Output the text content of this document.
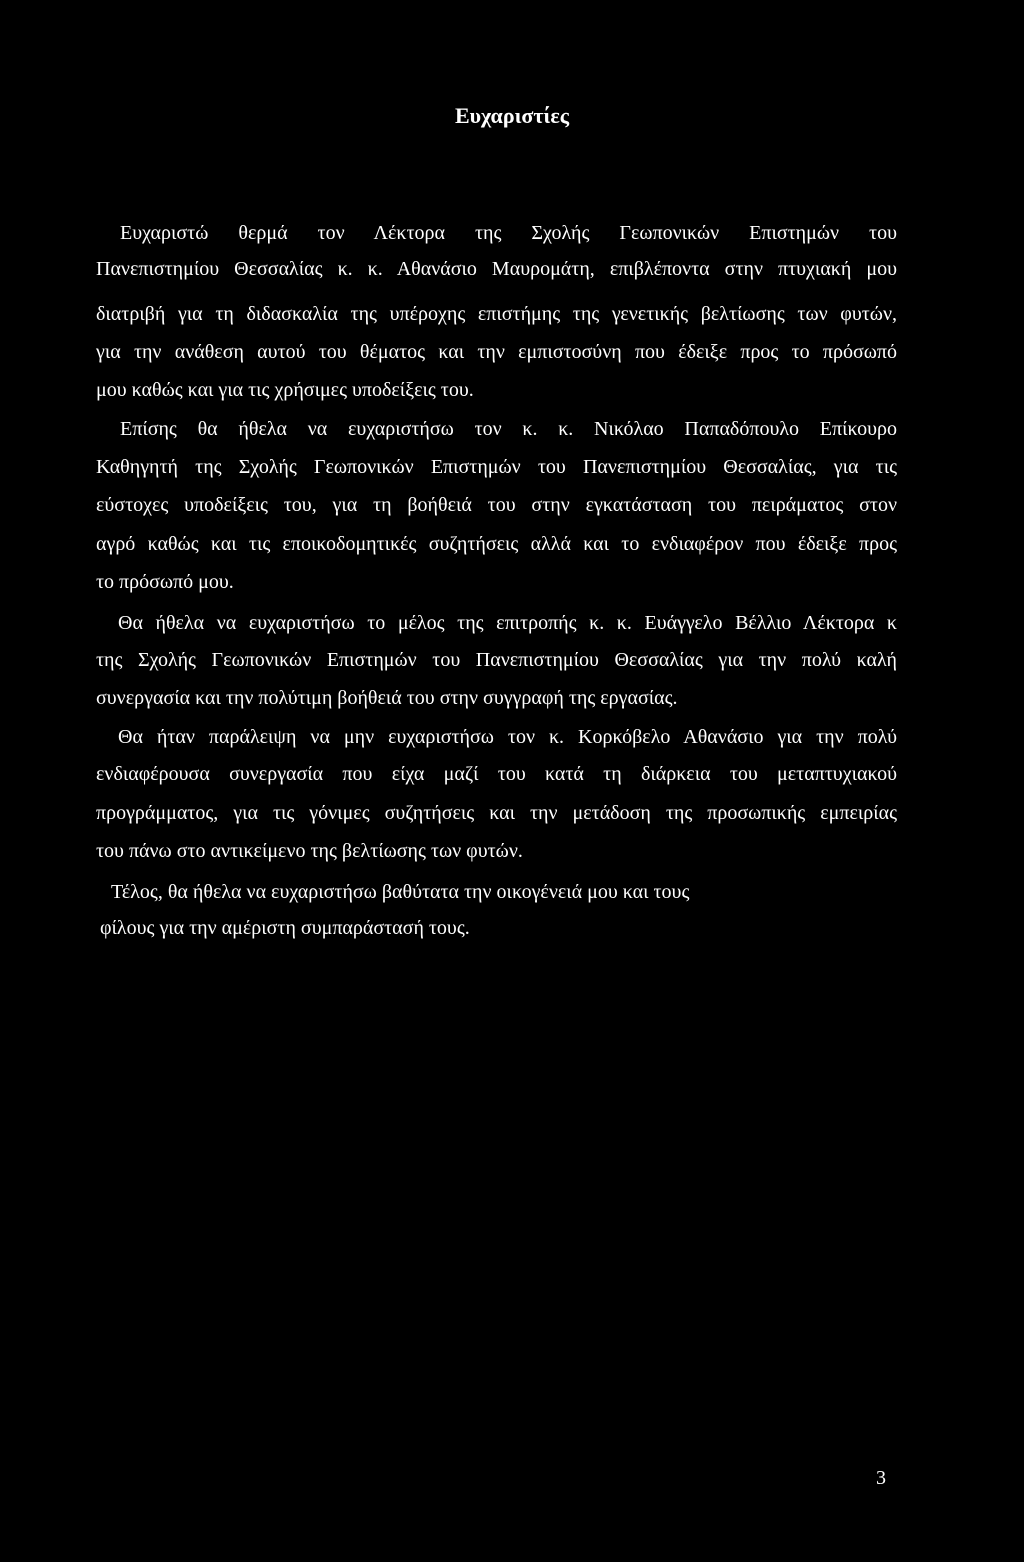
Ευχαριστίες
Ευχαριστώ θερμά τον Λέκτορα της Σχολής Γεωπονικών Επιστημών του
Πανεπιστημίου Θεσσαλίας κ. κ. Αθανάσιο Μαυρομάτη, επιβλέποντα στην πτυχιακή μου
διατριβή για τη διδασκαλία της υπέροχης επιστήμης της γενετικής βελτίωσης των φυτών,
για την ανάθεση αυτού του θέματος και την εμπιστοσύνη που έδειξε προς το πρόσωπό
μου καθώς και για τις χρήσιμες υποδείξεις του.
Επίσης θα ήθελα να ευχαριστήσω τον κ. κ. Νικόλαο Παπαδόπουλο Επίκουρο
Καθηγητή της Σχολής Γεωπονικών Επιστημών του Πανεπιστημίου Θεσσαλίας, για τις
εύστοχες υποδείξεις του, για τη βοήθειά του στην εγκατάσταση του πειράματος στον
αγρό καθώς και τις εποικοδομητικές συζητήσεις αλλά και το ενδιαφέρον που έδειξε προς
το πρόσωπό μου.
Θα ήθελα να ευχαριστήσω το μέλος της επιτροπής κ. κ. Ευάγγελο Βέλλιο Λέκτορα κ
της Σχολής Γεωπονικών Επιστημών του Πανεπιστημίου Θεσσαλίας για την πολύ καλή
συνεργασία και την πολύτιμη βοήθειά του στην συγγραφή της εργασίας.
Θα ήταν παράλειψη να μην ευχαριστήσω τον κ. Κορκόβελο Αθανάσιο για την πολύ
ενδιαφέρουσα συνεργασία που είχα μαζί του κατά τη διάρκεια του μεταπτυχιακού
προγράμματος, για τις γόνιμες συζητήσεις και την μετάδοση της προσωπικής εμπειρίας
του πάνω στο αντικείμενο της βελτίωσης των φυτών.
Τέλος, θα ήθελα να ευχαριστήσω βαθύτατα την οικογένειά μου και τους
φίλους για την αμέριστη συμπαράστασή τους.
3
